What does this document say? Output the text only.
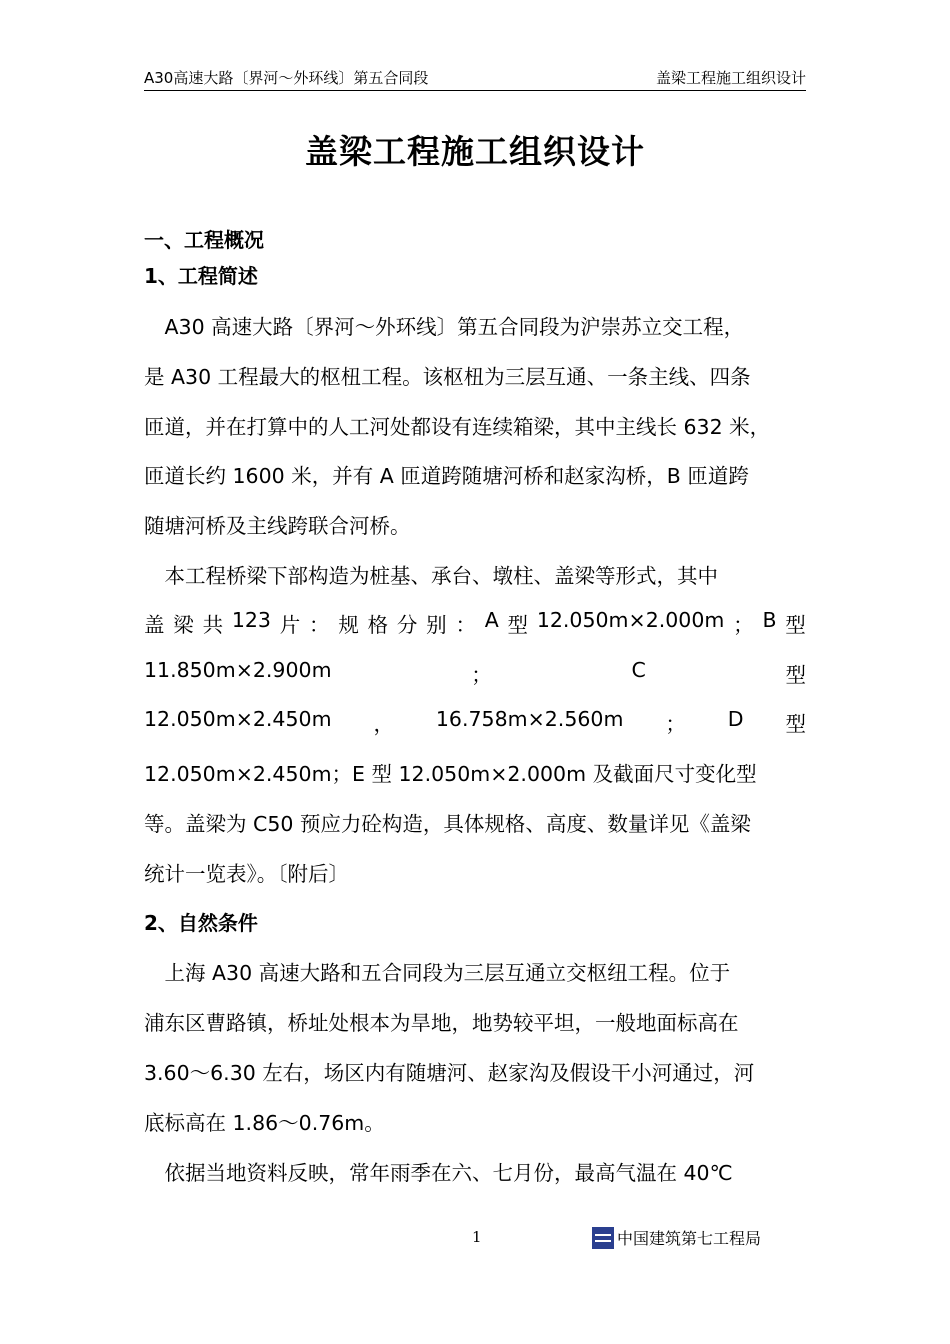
A30高速大路〔界河～外环线〕第五合同段	盖梁工程施工组织设计
盖梁工程施工组织设计
一、工程概况
1、工程简述
　A30 高速大路〔界河～外环线〕第五合同段为沪崇苏立交工程，
是 A30 工程最大的枢杻工程。该枢杻为三层互通、一条主线、四条
匝道，并在打算中的人工河处都设有连续箱梁，其中主线长 632 米，
匝道长约 1600 米，并有 A 匝道跨随塘河桥和赵家沟桥，B 匝道跨
随塘河桥及主线跨联合河桥。
　本工程桥梁下部构造为桩基、承台、墩柱、盖梁等形式，其中
盖 梁 共 123 片 ： 规 格 分 别 ： A 型 12.050m×2.000m ； B 型
11.850m×2.900m	；	C	型
12.050m×2.450m ， 16.758m×2.560m ； D 型
12.050m×2.450m；E 型 12.050m×2.000m 及截面尺寸变化型
等。盖梁为 C50 预应力砼构造，具体规格、高度、数量详见《盖梁
统计一览表》。〔附后〕
2、自然条件
　上海 A30 高速大路和五合同段为三层互通立交枢纽工程。位于
浦东区曹路镇，桥址处根本为旱地，地势较平坦，一般地面标高在
3.60～6.30 左右，场区内有随塘河、赵家沟及假设干小河通过，河
底标高在 1.86～0.76m。
　依据当地资料反映，常年雨季在六、七月份，最高气温在 40℃
1	中国建筑第七工程局
